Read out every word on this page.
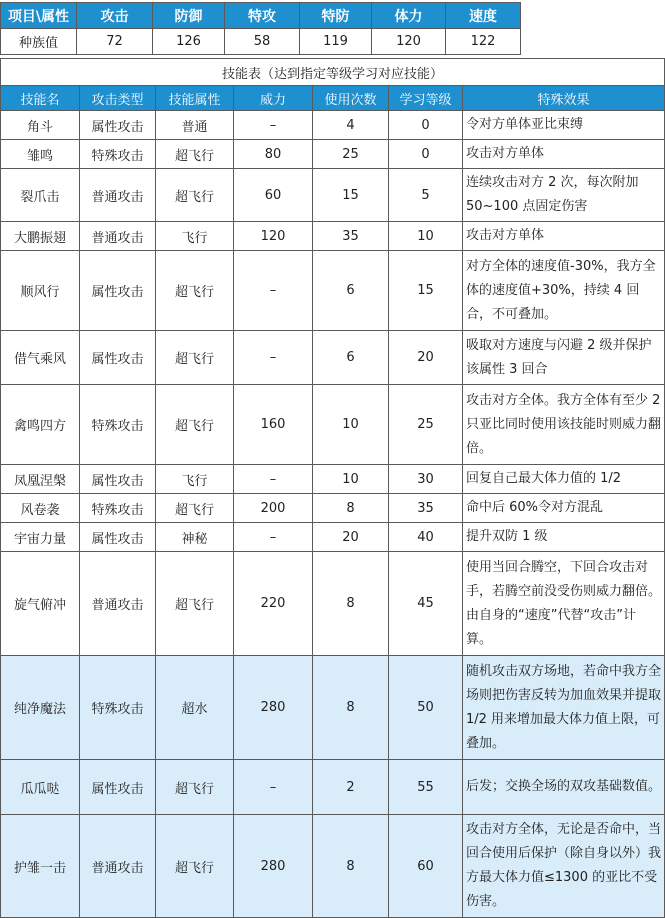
项目\属性	攻击	防御	特攻	特防	体力	速度
种族值	72	126	58	119	120	122
技能表（达到指定等级学习对应技能）						
技能名	攻击类型	技能属性	威力	使用次数	学习等级	特殊效果
角斗	属性攻击	普通	–	4	0	令对方单体亚比束缚
雏鸣	特殊攻击	超飞行	80	25	0	攻击对方单体
裂爪击	普通攻击	超飞行	60	15	5	连续攻击对方 2 次，每次附加 50~100 点固定伤害
大鹏振翅	普通攻击	飞行	120	35	10	攻击对方单体
顺风行	属性攻击	超飞行	–	6	15	对方全体的速度值-30%，我方全体的速度值+30%，持续 4 回合，不可叠加。
借气乘风	属性攻击	超飞行	–	6	20	吸取对方速度与闪避 2 级并保护该属性 3 回合
禽鸣四方	特殊攻击	超飞行	160	10	25	攻击对方全体。我方全体有至少 2 只亚比同时使用该技能时则威力翻倍。
凤凰涅槃	属性攻击	飞行	–	10	30	回复自己最大体力值的 1/2
风卷袭	特殊攻击	超飞行	200	8	35	命中后 60%令对方混乱
宇宙力量	属性攻击	神秘	–	20	40	提升双防 1 级
旋气俯冲	普通攻击	超飞行	220	8	45	使用当回合腾空，下回合攻击对手，若腾空前没受伤则威力翻倍。由自身的“速度”代替“攻击”计算。
纯净魔法	特殊攻击	超水	280	8	50	随机攻击双方场地，若命中我方全场则把伤害反转为加血效果并提取 1/2 用来增加最大体力值上限，可叠加。
瓜瓜哒	属性攻击	超飞行	–	2	55	后发；交换全场的双攻基础数值。
护雏一击	普通攻击	超飞行	280	8	60	攻击对方全体，无论是否命中，当回合使用后保护（除自身以外）我方最大体力值≤1300 的亚比不受伤害。
